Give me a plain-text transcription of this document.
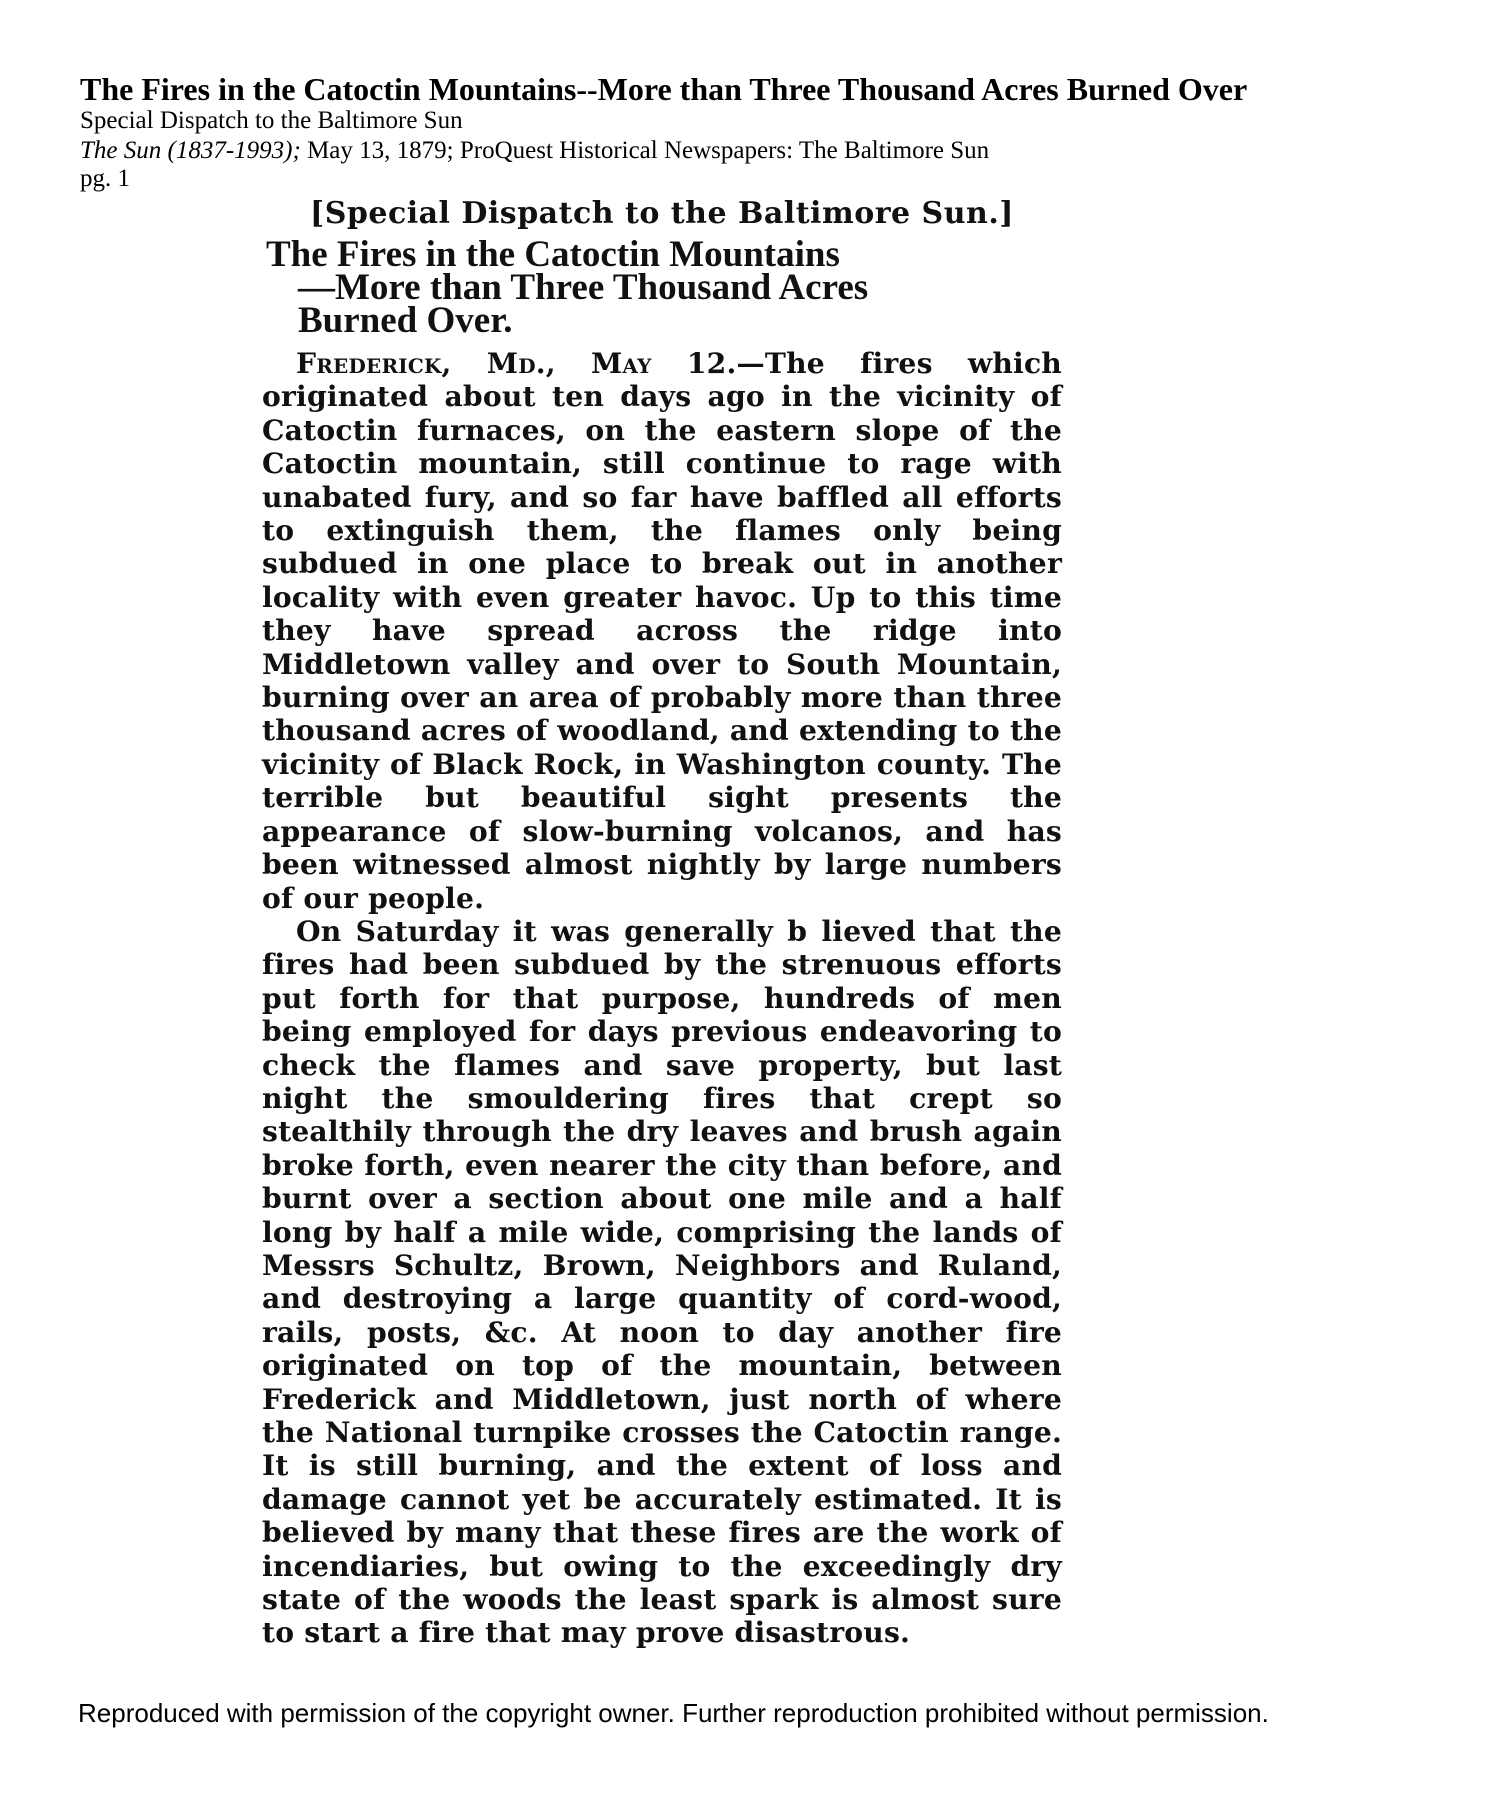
The Fires in the Catoctin Mountains--More than Three Thousand Acres Burned Over

Special Dispatch to the Baltimore Sun

The Sun (1837-1993); May 13, 1879; ProQuest Historical Newspapers: The Baltimore Sun

pg. 1

[Special Dispatch to the Baltimore Sun.]
The Fires in the Catoctin Mountains
—More than Three Thousand Acres
Burned Over.

Frederick, Md., May 12.—The fires which originated about ten days ago in the vicinity of Catoctin furnaces, on the eastern slope of the Catoctin mountain, still continue to rage with unabated fury, and so far have baffled all efforts to extinguish them, the flames only being subdued in one place to break out in another locality with even greater havoc. Up to this time they have spread across the ridge into Middletown valley and over to South Mountain, burning over an area of probably more than three thousand acres of woodland, and extending to the vicinity of Black Rock, in Washington county. The terrible but beautiful sight presents the appearance of slow-burning volcanos, and has been witnessed almost nightly by large numbers of our people.

On Saturday it was generally b lieved that the fires had been subdued by the strenuous efforts put forth for that purpose, hundreds of men being employed for days previous endeavoring to check the flames and save property, but last night the smouldering fires that crept so stealthily through the dry leaves and brush again broke forth, even nearer the city than before, and burnt over a section about one mile and a half long by half a mile wide, comprising the lands of Messrs Schultz, Brown, Neighbors and Ruland, and destroying a large quantity of cord-wood, rails, posts, &c. At noon to day another fire originated on top of the mountain, between Frederick and Middletown, just north of where the National turnpike crosses the Catoctin range. It is still burning, and the extent of loss and damage cannot yet be accurately estimated. It is believed by many that these fires are the work of incendiaries, but owing to the exceedingly dry state of the woods the least spark is almost sure to start a fire that may prove disastrous.

Reproduced with permission of the copyright owner. Further reproduction prohibited without permission.
